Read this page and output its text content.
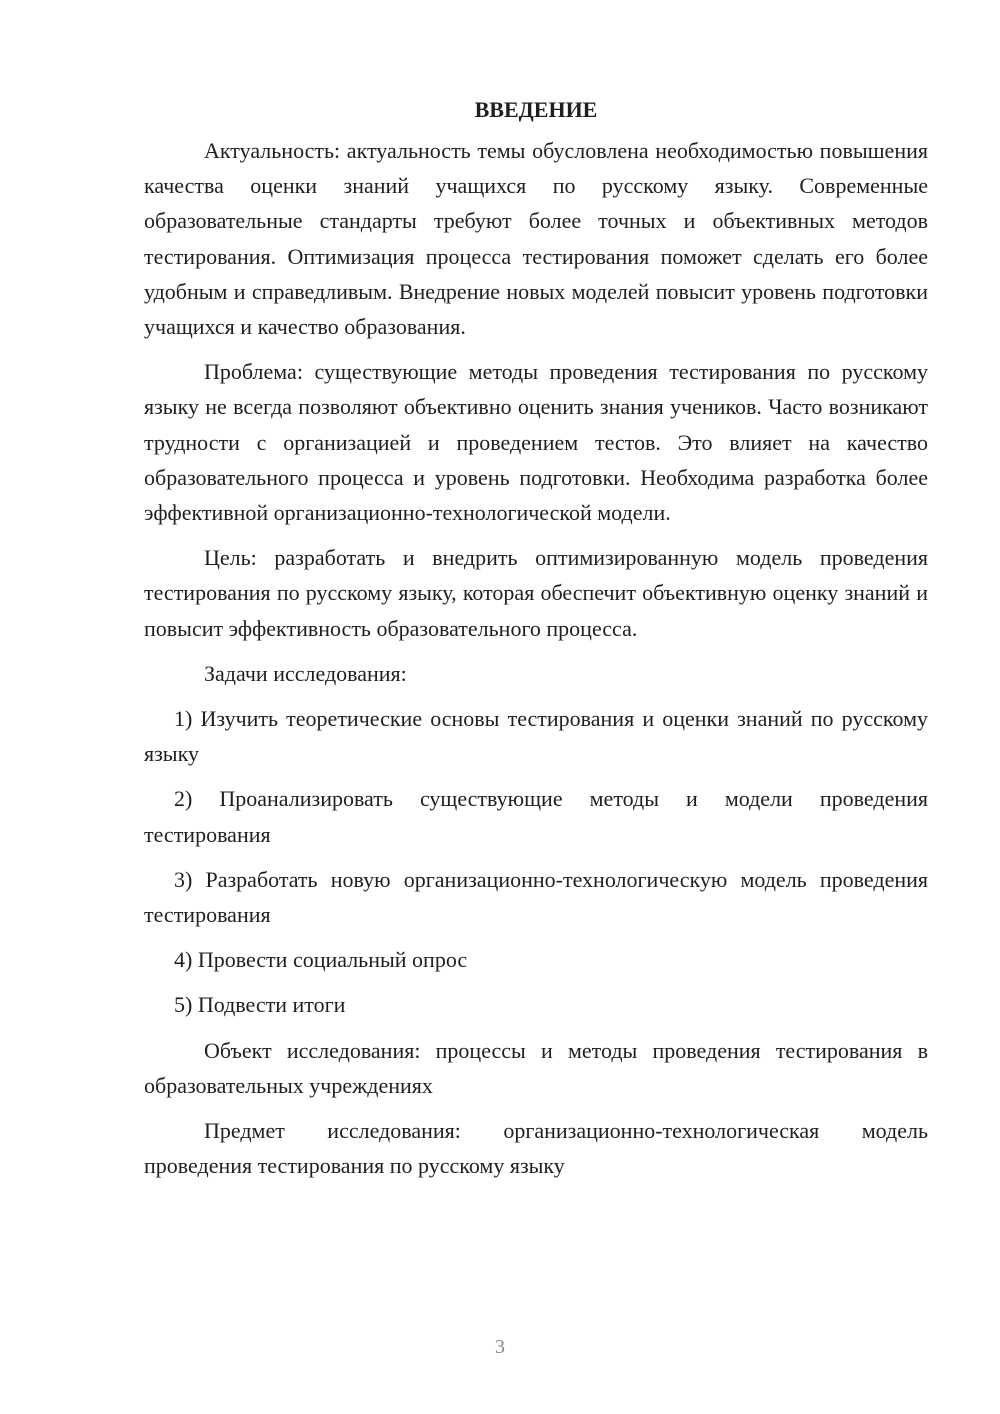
ВВЕДЕНИЕ

Актуальность: актуальность темы обусловлена необходимостью повышения качества оценки знаний учащихся по русскому языку. Современные образовательные стандарты требуют более точных и объективных методов тестирования. Оптимизация процесса тестирования поможет сделать его более удобным и справедливым. Внедрение новых моделей повысит уровень подготовки учащихся и качество образования.

Проблема: существующие методы проведения тестирования по русскому языку не всегда позволяют объективно оценить знания учеников. Часто возникают трудности с организацией и проведением тестов. Это влияет на качество образовательного процесса и уровень подготовки. Необходима разработка более эффективной организационно-технологической модели.

Цель: разработать и внедрить оптимизированную модель проведения тестирования по русскому языку, которая обеспечит объективную оценку знаний и повысит эффективность образовательного процесса.

Задачи исследования:

1) Изучить теоретические основы тестирования и оценки знаний по русскому языку

2) Проанализировать существующие методы и модели проведения тестирования

3) Разработать новую организационно-технологическую модель проведения тестирования

4) Провести социальный опрос

5) Подвести итоги

Объект исследования: процессы и методы проведения тестирования в образовательных учреждениях

Предмет исследования: организационно-технологическая модель проведения тестирования по русскому языку

3
